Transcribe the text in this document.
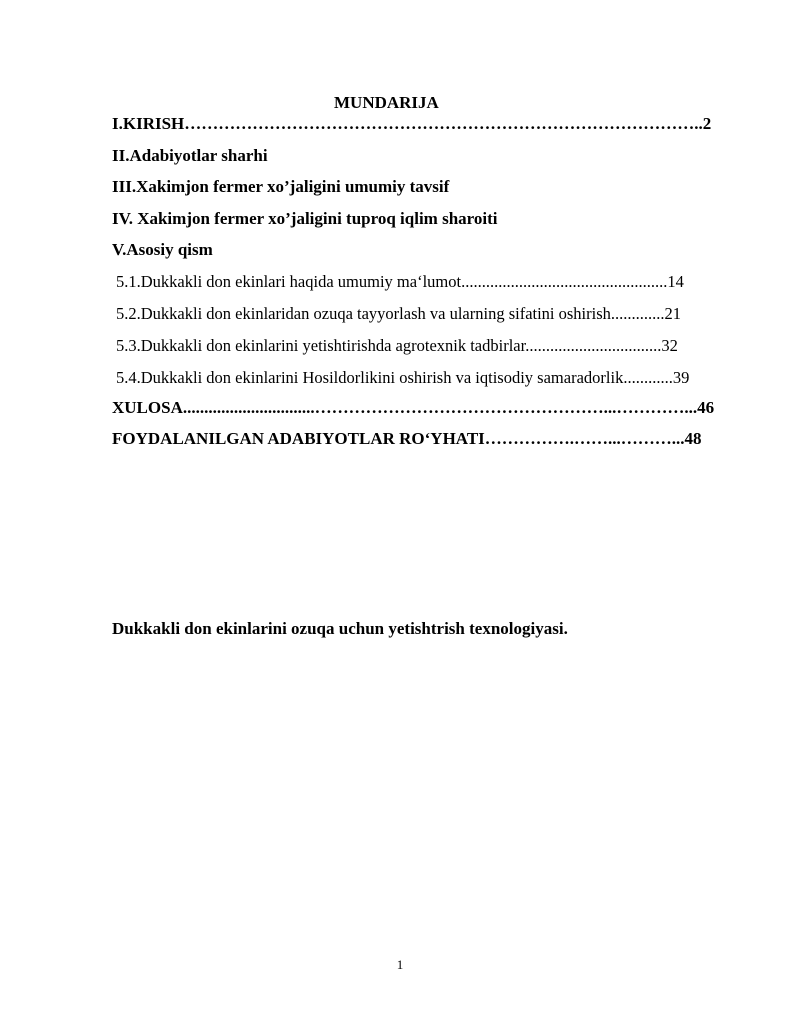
MUNDARIJA
I.KIRISH………………………………………………………………………………..2
II.Adabiyotlar sharhi
III.Xakimjon fermer xo’jaligini umumiy tavsif
IV. Xakimjon fermer xo’jaligini tuproq iqlim sharoiti
V.Asosiy qism
5.1.Dukkakli don ekinlari haqida umumiy ma‘lumot..................................................14
5.2.Dukkakli don ekinlaridan ozuqa tayyorlash va ularning sifatini oshirish.............21
5.3.Dukkakli don ekinlarini yetishtirishda agrotexnik tadbirlar.................................32
5.4.Dukkakli don ekinlarini Hosildorlikini oshirish va iqtisodiy samaradorlik............39
XULOSA...............................……………………………………………...…………...46
FOYDALANILGAN ADABIYOTLAR RO‘YHATI…………….……...………...48
Dukkakli don ekinlarini ozuqa uchun yetishtrish texnologiyasi.
1
